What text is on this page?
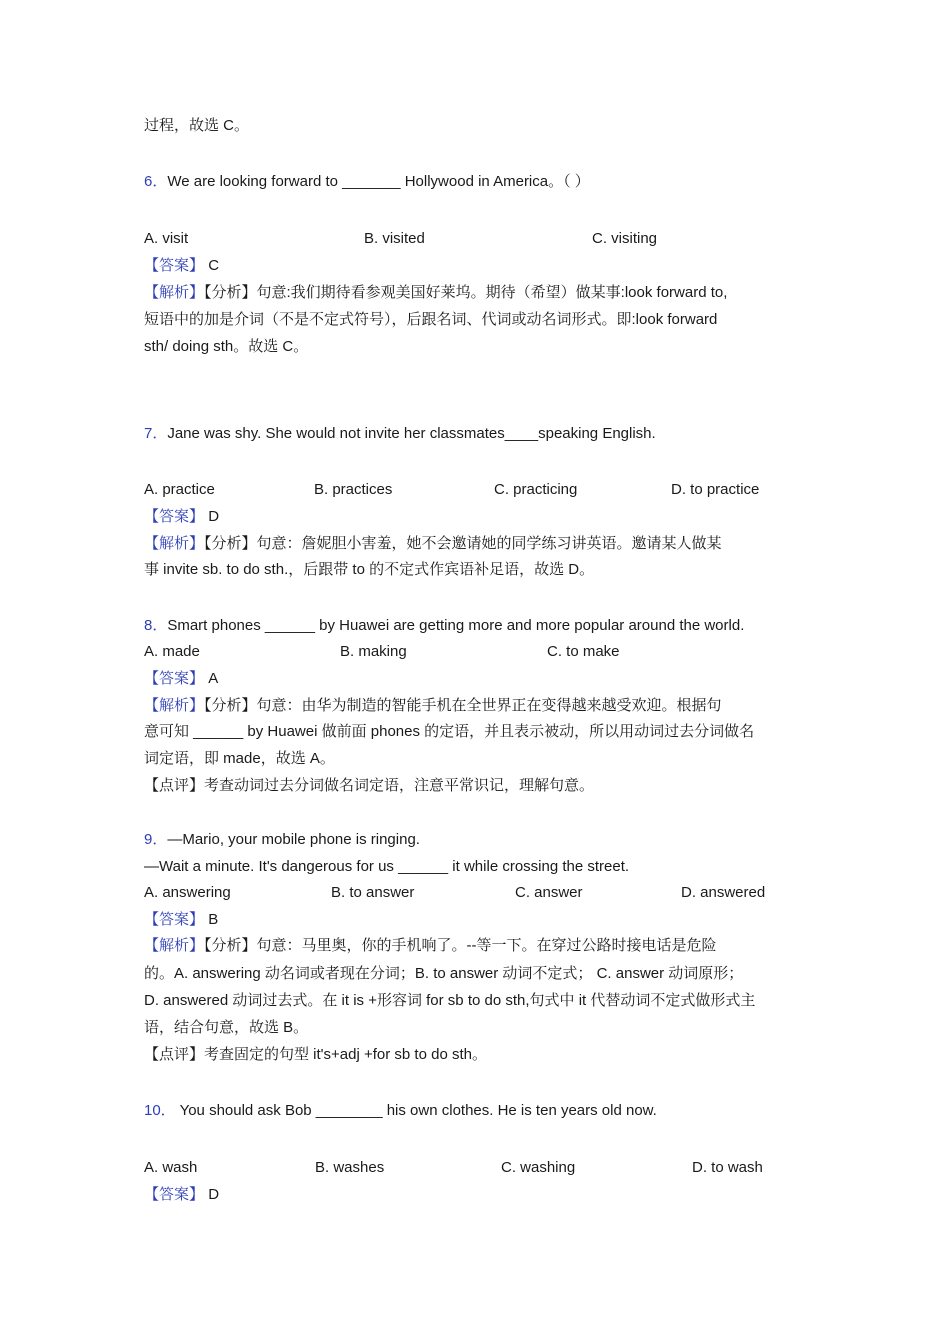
过程，故选 C。
6．We are looking forward to _______ Hollywood in America。（ ）
A. visit	B. visited	C. visiting
【答案】 C
【解析】【分析】句意:我们期待看参观美国好莱坞。期待（希望）做某事:look forward to,
短语中的加是介词（不是不定式符号），后跟名词、代词或动名词形式。即:look forward
sth/ doing sth。故选 C。
7．Jane was shy. She would not invite her classmates____speaking English.
A. practice	B. practices	C. practicing	D. to practice
【答案】 D
【解析】【分析】句意：詹妮胆小害羞，她不会邀请她的同学练习讲英语。邀请某人做某
事 invite sb. to do sth.，后跟带 to 的不定式作宾语补足语，故选 D。
8．Smart phones ______ by Huawei are getting more and more popular around the world.
A. made	B. making	C. to make
【答案】 A
【解析】【分析】句意：由华为制造的智能手机在全世界正在变得越来越受欢迎。根据句
意可知 ______ by Huawei 做前面 phones 的定语，并且表示被动，所以用动词过去分词做名
词定语，即 made，故选 A。
【点评】考查动词过去分词做名词定语，注意平常识记，理解句意。
9．—Mario, your mobile phone is ringing.
—Wait a minute. It's dangerous for us ______ it while crossing the street.
A. answering	B. to answer	C. answer	D. answered
【答案】 B
【解析】【分析】句意：马里奥，你的手机响了。--等一下。在穿过公路时接电话是危险
的。A. answering 动名词或者现在分词；B. to answer 动词不定式； C. answer 动词原形；
D. answered 动词过去式。在 it is +形容词 for sb to do sth,句式中 it 代替动词不定式做形式主
语，结合句意，故选 B。
【点评】考查固定的句型 it's+adj +for sb to do sth。
10． You should ask Bob ________ his own clothes. He is ten years old now.
A. wash	B. washes	C. washing	D. to wash
【答案】 D
